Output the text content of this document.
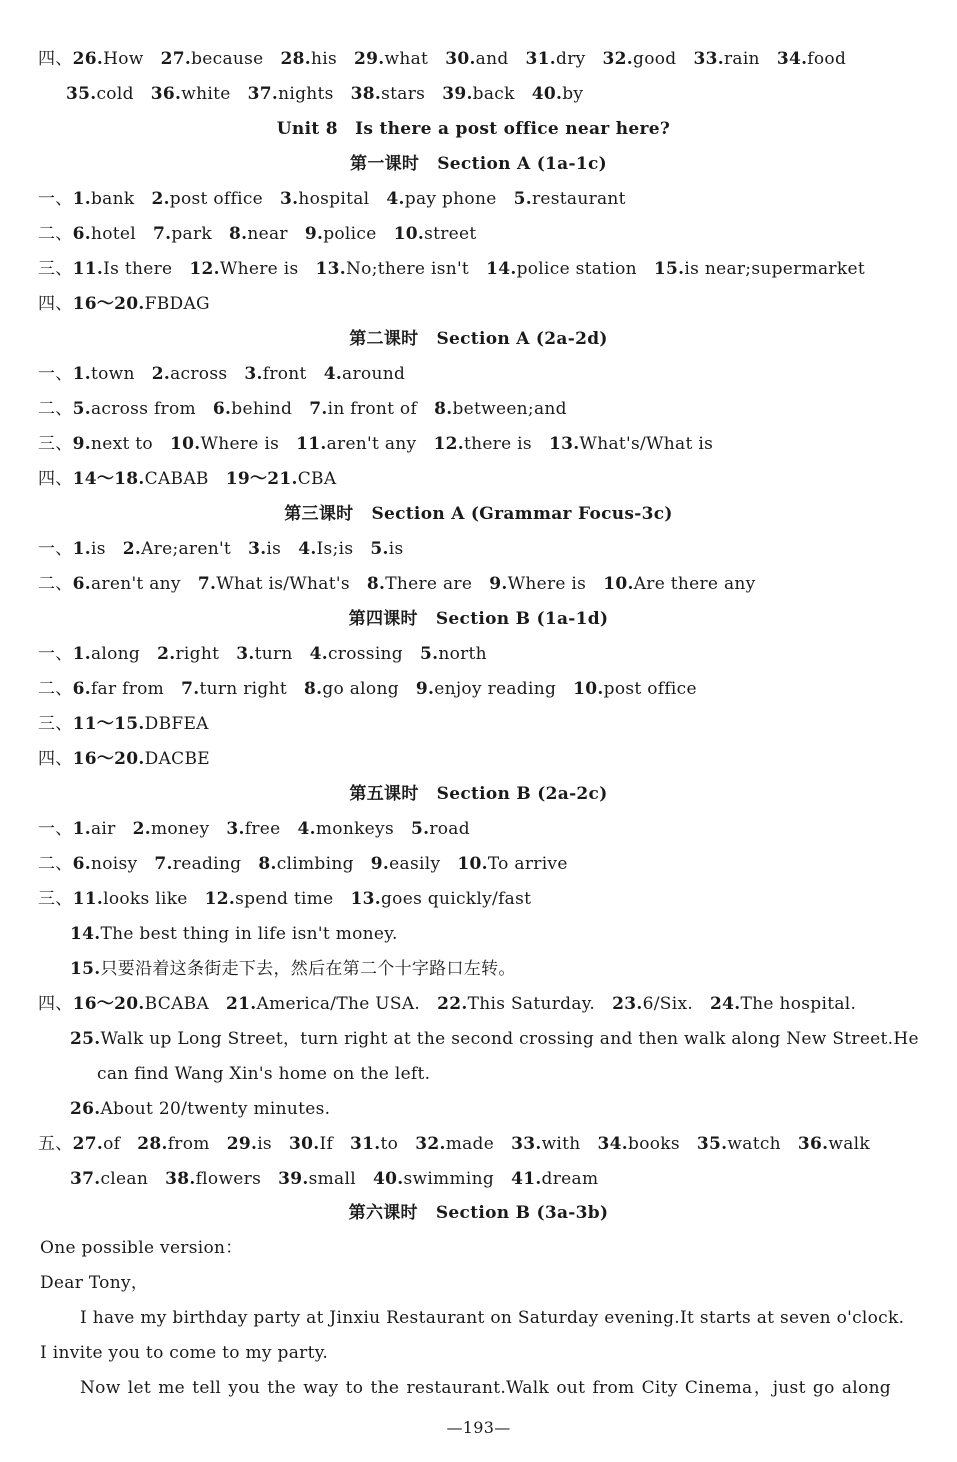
四、26.How 27.because 28.his 29.what 30.and 31.dry 32.good 33.rain 34.food
35.cold 36.white 37.nights 38.stars 39.back 40.by
Unit 8　Is there a post office near here?
第一课时 Section A (1a-1c)
一、1.bank 2.post office 3.hospital 4.pay phone 5.restaurant
二、6.hotel 7.park 8.near 9.police 10.street
三、11.Is there 12.Where is 13.No;there isn't 14.police station 15.is near;supermarket
四、16～20.FBDAG
第二课时 Section A (2a-2d)
一、1.town 2.across 3.front 4.around
二、5.across from 6.behind 7.in front of 8.between;and
三、9.next to 10.Where is 11.aren't any 12.there is 13.What's/What is
四、14～18.CABAB 19～21.CBA
第三课时 Section A (Grammar Focus-3c)
一、1.is 2.Are;aren't 3.is 4.Is;is 5.is
二、6.aren't any 7.What is/What's 8.There are 9.Where is 10.Are there any
第四课时 Section B (1a-1d)
一、1.along 2.right 3.turn 4.crossing 5.north
二、6.far from 7.turn right 8.go along 9.enjoy reading 10.post office
三、11～15.DBFEA
四、16～20.DACBE
第五课时 Section B (2a-2c)
一、1.air 2.money 3.free 4.monkeys 5.road
二、6.noisy 7.reading 8.climbing 9.easily 10.To arrive
三、11.looks like 12.spend time 13.goes quickly/fast
14.The best thing in life isn't money.
15.只要沿着这条街走下去，然后在第二个十字路口左转。
四、16～20.BCABA 21.America/The USA. 22.This Saturday. 23.6/Six. 24.The hospital.
25.Walk up Long Street，turn right at the second crossing and then walk along New Street.He
can find Wang Xin's home on the left.
26.About 20/twenty minutes.
五、27.of 28.from 29.is 30.If 31.to 32.made 33.with 34.books 35.watch 36.walk
37.clean 38.flowers 39.small 40.swimming 41.dream
第六课时 Section B (3a-3b)
One possible version：
Dear Tony，
I have my birthday party at Jinxiu Restaurant on Saturday evening.It starts at seven o'clock.
I invite you to come to my party.
Now let me tell you the way to the restaurant.Walk out from City Cinema，just go along
—193—
